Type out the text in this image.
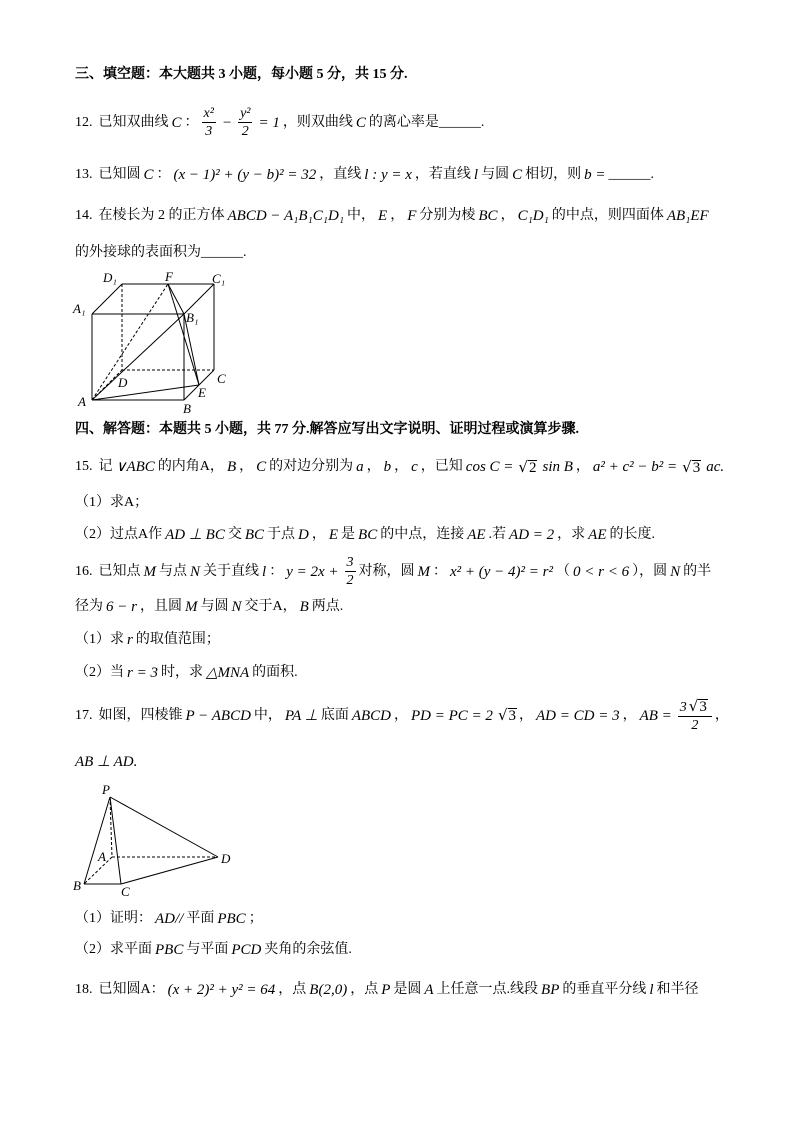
三、填空题：本大题共 3 小题，每小题 5 分，共 15 分.
12. 已知双曲线 C ： $\frac{\text{x²}}{3} - \frac{\text{y²}}{2} = 1$ ，则双曲线 C 的离心率是 ______.
13. 已知圆 C ： (x − 1)² + (y − b)² = 32 ，直线 l : y = x ，若直线 l 与圆 C 相切，则 b = ______.
14. 在棱长为 2 的正方体 ABCD − A₁B₁C₁D₁ 中， E ， F 分别为棱 BC ， C₁D₁ 的中点，则四面体 AB₁EF
的外接球的表面积为______.
D₁	F	C₁
A₁
B₁
A
D	C
E
B
四、解答题：本题共 5 小题，共 77 分.解答应写出文字说明、证明过程或演算步骤.
15. 记 ∨ABC 的内角A， B ， C 的对边分别为 a ， b ， c ，已知 cos C = √ 2 sin B ， a² + c² − b² = √ 3 ac.
（1）求A；
（2）过点A作 AD ⊥ BC 交 BC 于点 D ， E 是 BC 的中点，连接 AE .若 AD = 2 ，求 AE 的长度.
16. 已知点 M 与点 N 关于直线 l ： $y = 2x + \frac{3}{2}$ 对称，圆 M ： x² + (y − 4)² = r² （ 0 < r < 6 ），圆 N 的半
径为 6 − r ，且圆 M 与圆 N 交于A， B 两点.
（1）求 r 的取值范围；
（2）当 r = 3 时，求 △MNA 的面积.
17. 如图，四棱锥 P − ABCD 中， PA ⊥ 底面 ABCD ， PD = PC = 2 √ 3 ， AD = CD = 3 ， AB = $\frac{3 √ 3}{2}$ ，
AB ⊥ AD.
P
A
B	C
D
（1）证明： AD// 平面 PBC ；
（2）求平面 PBC 与平面 PCD 夹角的余弦值.
18. 已知圆A： (x + 2)² + y² = 64 ，点 B(2,0) ，点 P 是圆 A 上任意一点.线段 BP 的垂直平分线 l 和半径
